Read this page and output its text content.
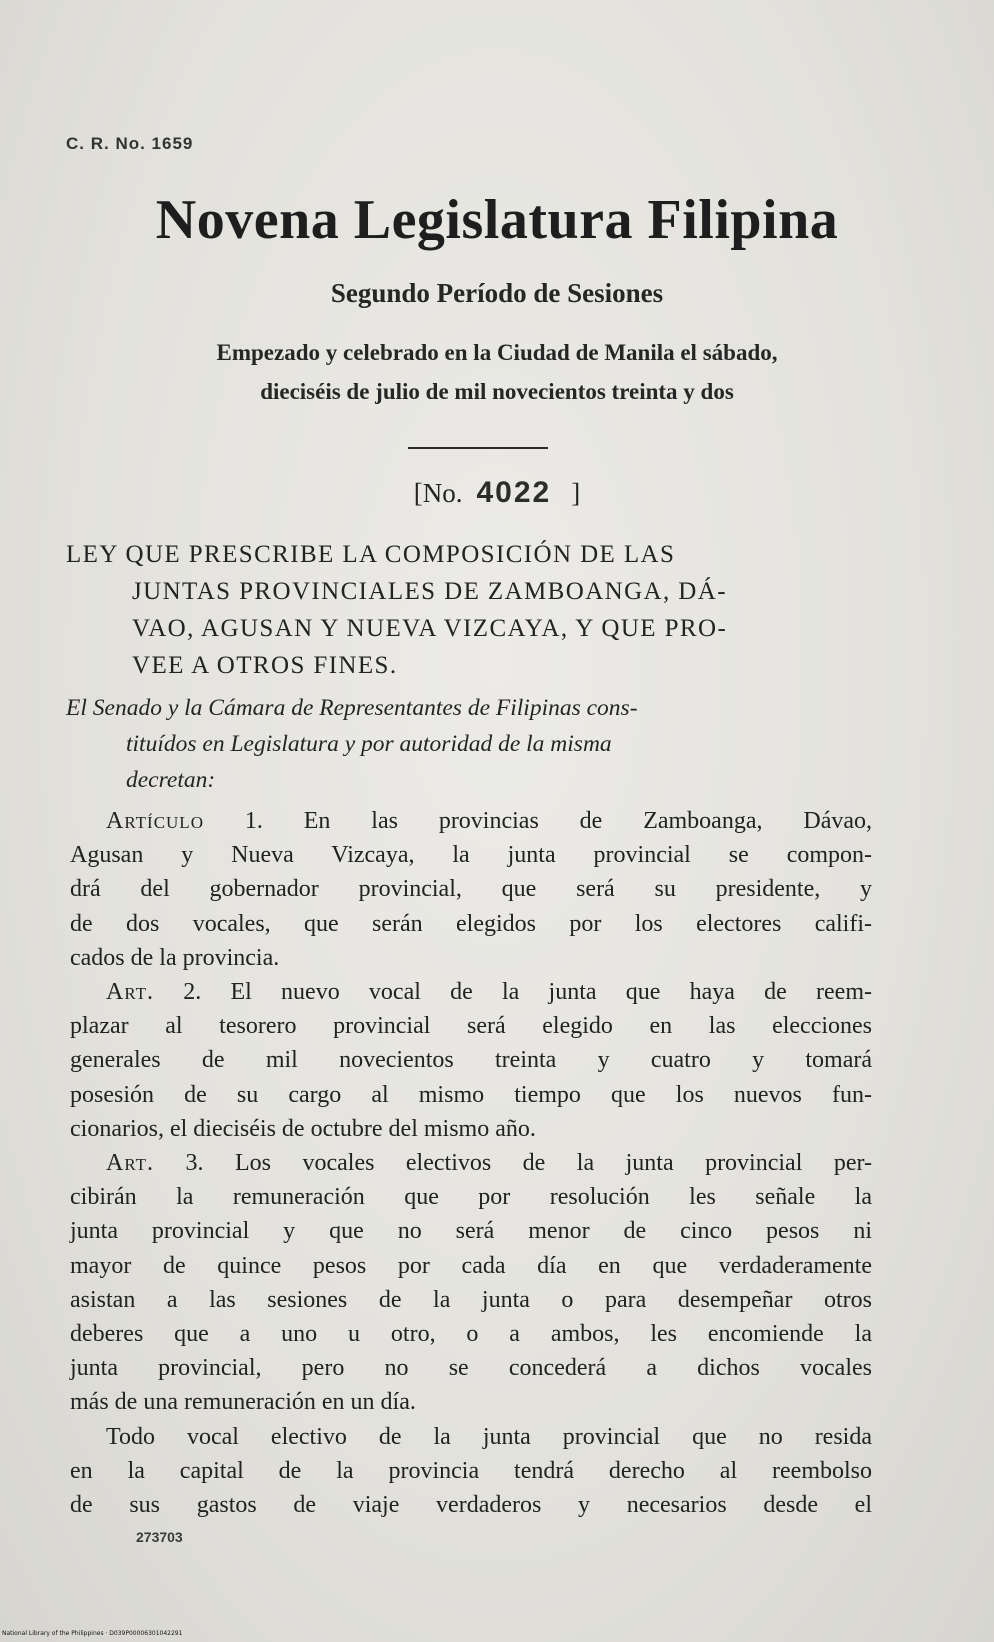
C. R. No. 1659
Novena Legislatura Filipina
Segundo Período de Sesiones
Empezado y celebrado en la Ciudad de Manila el sábado,
dieciséis de julio de mil novecientos treinta y dos
[No. 4022 ]
LEY QUE PRESCRIBE LA COMPOSICIÓN DE LAS
JUNTAS PROVINCIALES DE ZAMBOANGA, DÁ-
VAO, AGUSAN Y NUEVA VIZCAYA, Y QUE PRO-
VEE A OTROS FINES.
El Senado y la Cámara de Representantes de Filipinas cons-
tituídos en Legislatura y por autoridad de la misma
decretan:
Artículo 1. En las provincias de Zamboanga, Dávao,
Agusan y Nueva Vizcaya, la junta provincial se compon-
drá del gobernador provincial, que será su presidente, y
de dos vocales, que serán elegidos por los electores califi-
cados de la provincia.
Art. 2. El nuevo vocal de la junta que haya de reem-
plazar al tesorero provincial será elegido en las elecciones
generales de mil novecientos treinta y cuatro y tomará
posesión de su cargo al mismo tiempo que los nuevos fun-
cionarios, el dieciséis de octubre del mismo año.
Art. 3. Los vocales electivos de la junta provincial per-
cibirán la remuneración que por resolución les señale la
junta provincial y que no será menor de cinco pesos ni
mayor de quince pesos por cada día en que verdaderamente
asistan a las sesiones de la junta o para desempeñar otros
deberes que a uno u otro, o a ambos, les encomiende la
junta provincial, pero no se concederá a dichos vocales
más de una remuneración en un día.
Todo vocal electivo de la junta provincial que no resida
en la capital de la provincia tendrá derecho al reembolso
de sus gastos de viaje verdaderos y necesarios desde el
273703
National Library of the Philippines · D039P00006301042291
